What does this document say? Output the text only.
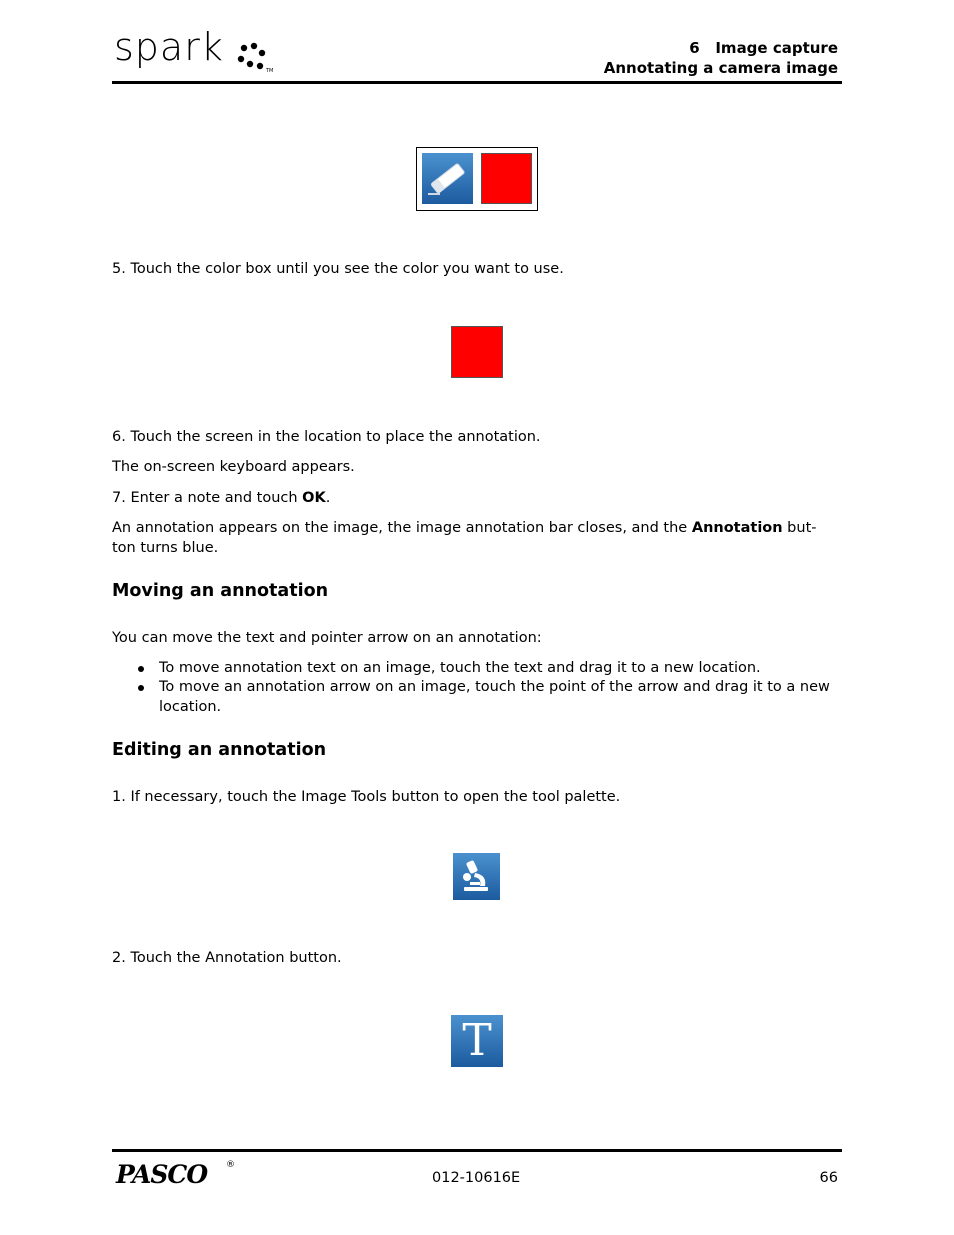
spark
TM
6   Image capture
Annotating a camera image
5. Touch the color box until you see the color you want to use.
6. Touch the screen in the location to place the annotation.
The on-screen keyboard appears.
7. Enter a note and touch OK.
An annotation appears on the image, the image annotation bar closes, and the Annotation but-
ton turns blue.
Moving an annotation
You can move the text and pointer arrow on an annotation:
To move annotation text on an image, touch the text and drag it to a new location.
To move an annotation arrow on an image, touch the point of the arrow and drag it to a new location.
Editing an annotation
1. If necessary, touch the Image Tools button to open the tool palette.
2. Touch the Annotation button.
T
PASCO ®
012-10616E	66
